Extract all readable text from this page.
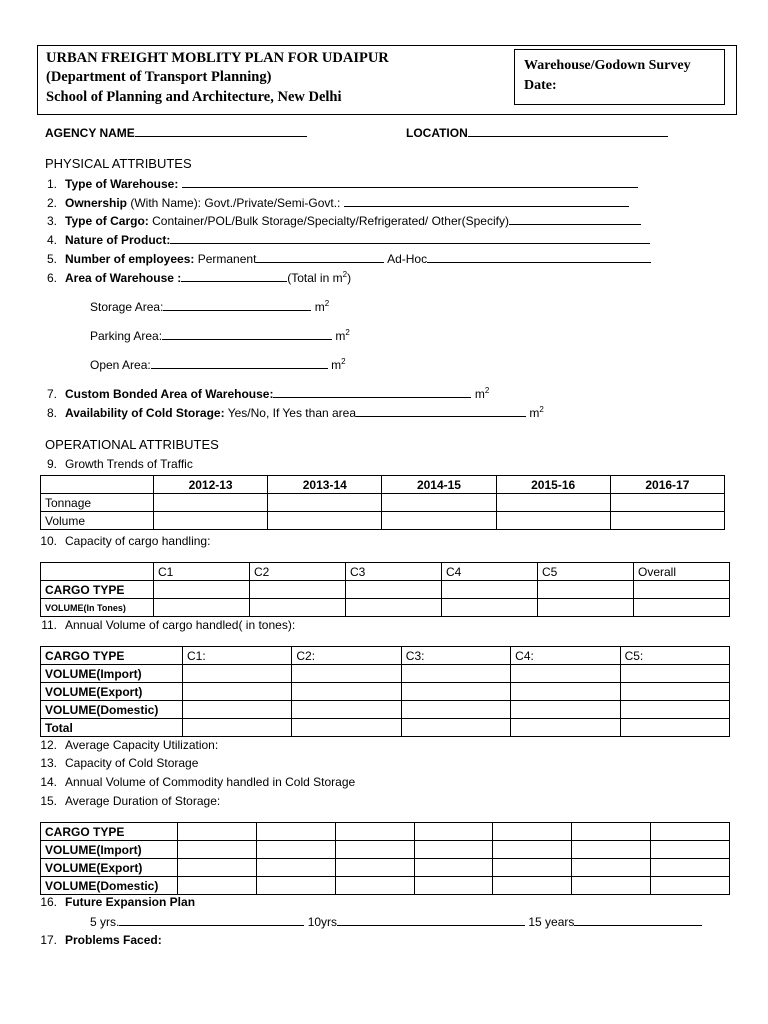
URBAN FREIGHT MOBLITY PLAN FOR UDAIPUR
(Department of Transport Planning)
School of Planning and Architecture, New Delhi
Warehouse/Godown Survey
Date:
AGENCY NAME	LOCATION
PHYSICAL ATTRIBUTES
1. Type of Warehouse:
2. Ownership (With Name): Govt./Private/Semi-Govt.:
3. Type of Cargo: Container/POL/Bulk Storage/Specialty/Refrigerated/ Other(Specify)
4. Nature of Product:
5. Number of employees: Permanent	Ad-Hoc
6. Area of Warehouse :	(Total in $m^2$)
Storage Area:	$m^2$
Parking Area:	$m^2$
Open Area:	$m^2$
7. Custom Bonded Area of Warehouse:	$m^2$
8. Availability of Cold Storage: Yes/No, If Yes than area	$m^2$
OPERATIONAL ATTRIBUTES
9. Growth Trends of Traffic
	2012-13	2013-14	2014-15	2015-16	2016-17
Tonnage					
Volume					
10. Capacity of cargo handling:
	C1	C2	C3	C4	C5	Overall
CARGO TYPE						
VOLUME(In Tones)						
11. Annual Volume of cargo handled( in tones):
CARGO TYPE	C1:	C2:	C3:	C4:	C5:
VOLUME(Import)					
VOLUME(Export)					
VOLUME(Domestic)					
Total					
12. Average Capacity Utilization:
13. Capacity of Cold Storage
14. Annual Volume of Commodity handled in Cold Storage
15. Average Duration of Storage:
CARGO TYPE							
VOLUME(Import)							
VOLUME(Export)							
VOLUME(Domestic)							
16. Future Expansion Plan
5 yrs.	10yrs	15 years
17. Problems Faced:
